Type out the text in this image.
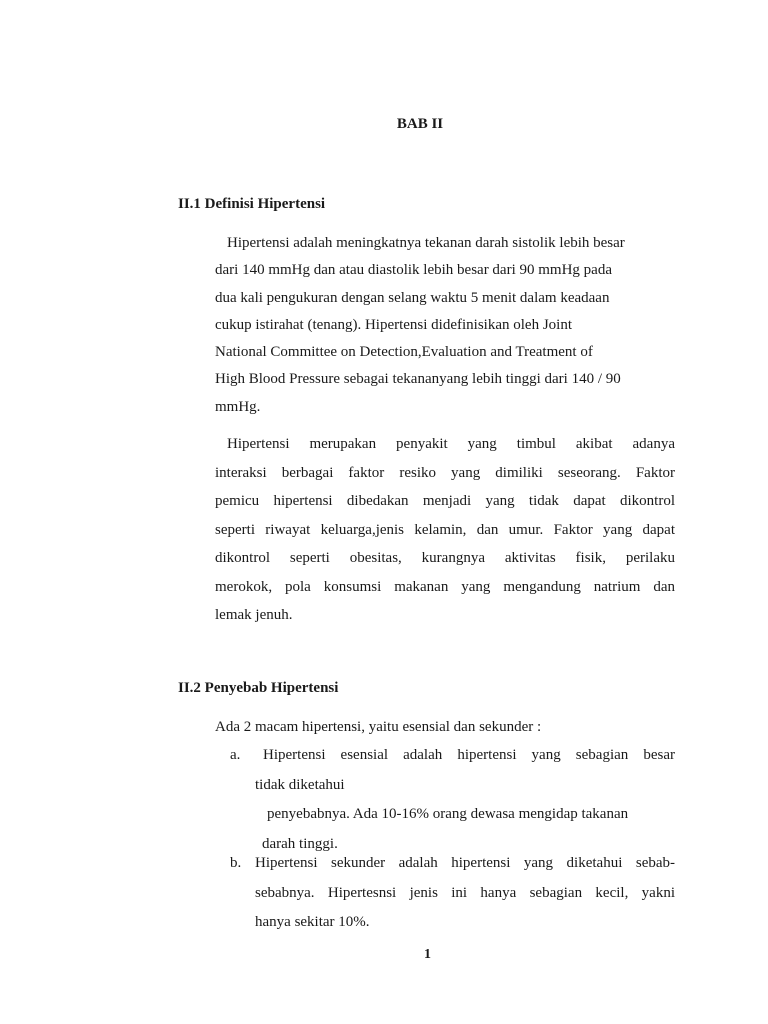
BAB II
II.1 Definisi Hipertensi
Hipertensi adalah meningkatnya tekanan darah sistolik lebih besar
dari 140 mmHg dan atau diastolik lebih besar dari 90 mmHg pada
dua kali pengukuran dengan selang waktu 5 menit dalam keadaan
cukup istirahat (tenang). Hipertensi didefinisikan oleh Joint
National Committee on Detection,Evaluation and Treatment of
High Blood Pressure sebagai tekananyang lebih tinggi dari 140 / 90
mmHg.
Hipertensi merupakan penyakit yang timbul akibat adanya
interaksi berbagai faktor resiko yang dimiliki seseorang. Faktor
pemicu hipertensi dibedakan menjadi yang tidak dapat dikontrol
seperti riwayat keluarga,jenis kelamin, dan umur. Faktor yang dapat
dikontrol seperti obesitas, kurangnya aktivitas fisik, perilaku
merokok, pola konsumsi makanan yang mengandung natrium dan
lemak jenuh.
II.2 Penyebab Hipertensi
Ada 2 macam hipertensi, yaitu esensial dan sekunder :
a.	Hipertensi esensial adalah hipertensi yang sebagian besar
tidak diketahui
penyebabnya. Ada 10-16% orang dewasa mengidap takanan
darah tinggi.
b. Hipertensi sekunder adalah hipertensi yang diketahui sebab-
sebabnya. Hipertesnsi jenis ini hanya sebagian kecil, yakni
hanya sekitar 10%.
1
